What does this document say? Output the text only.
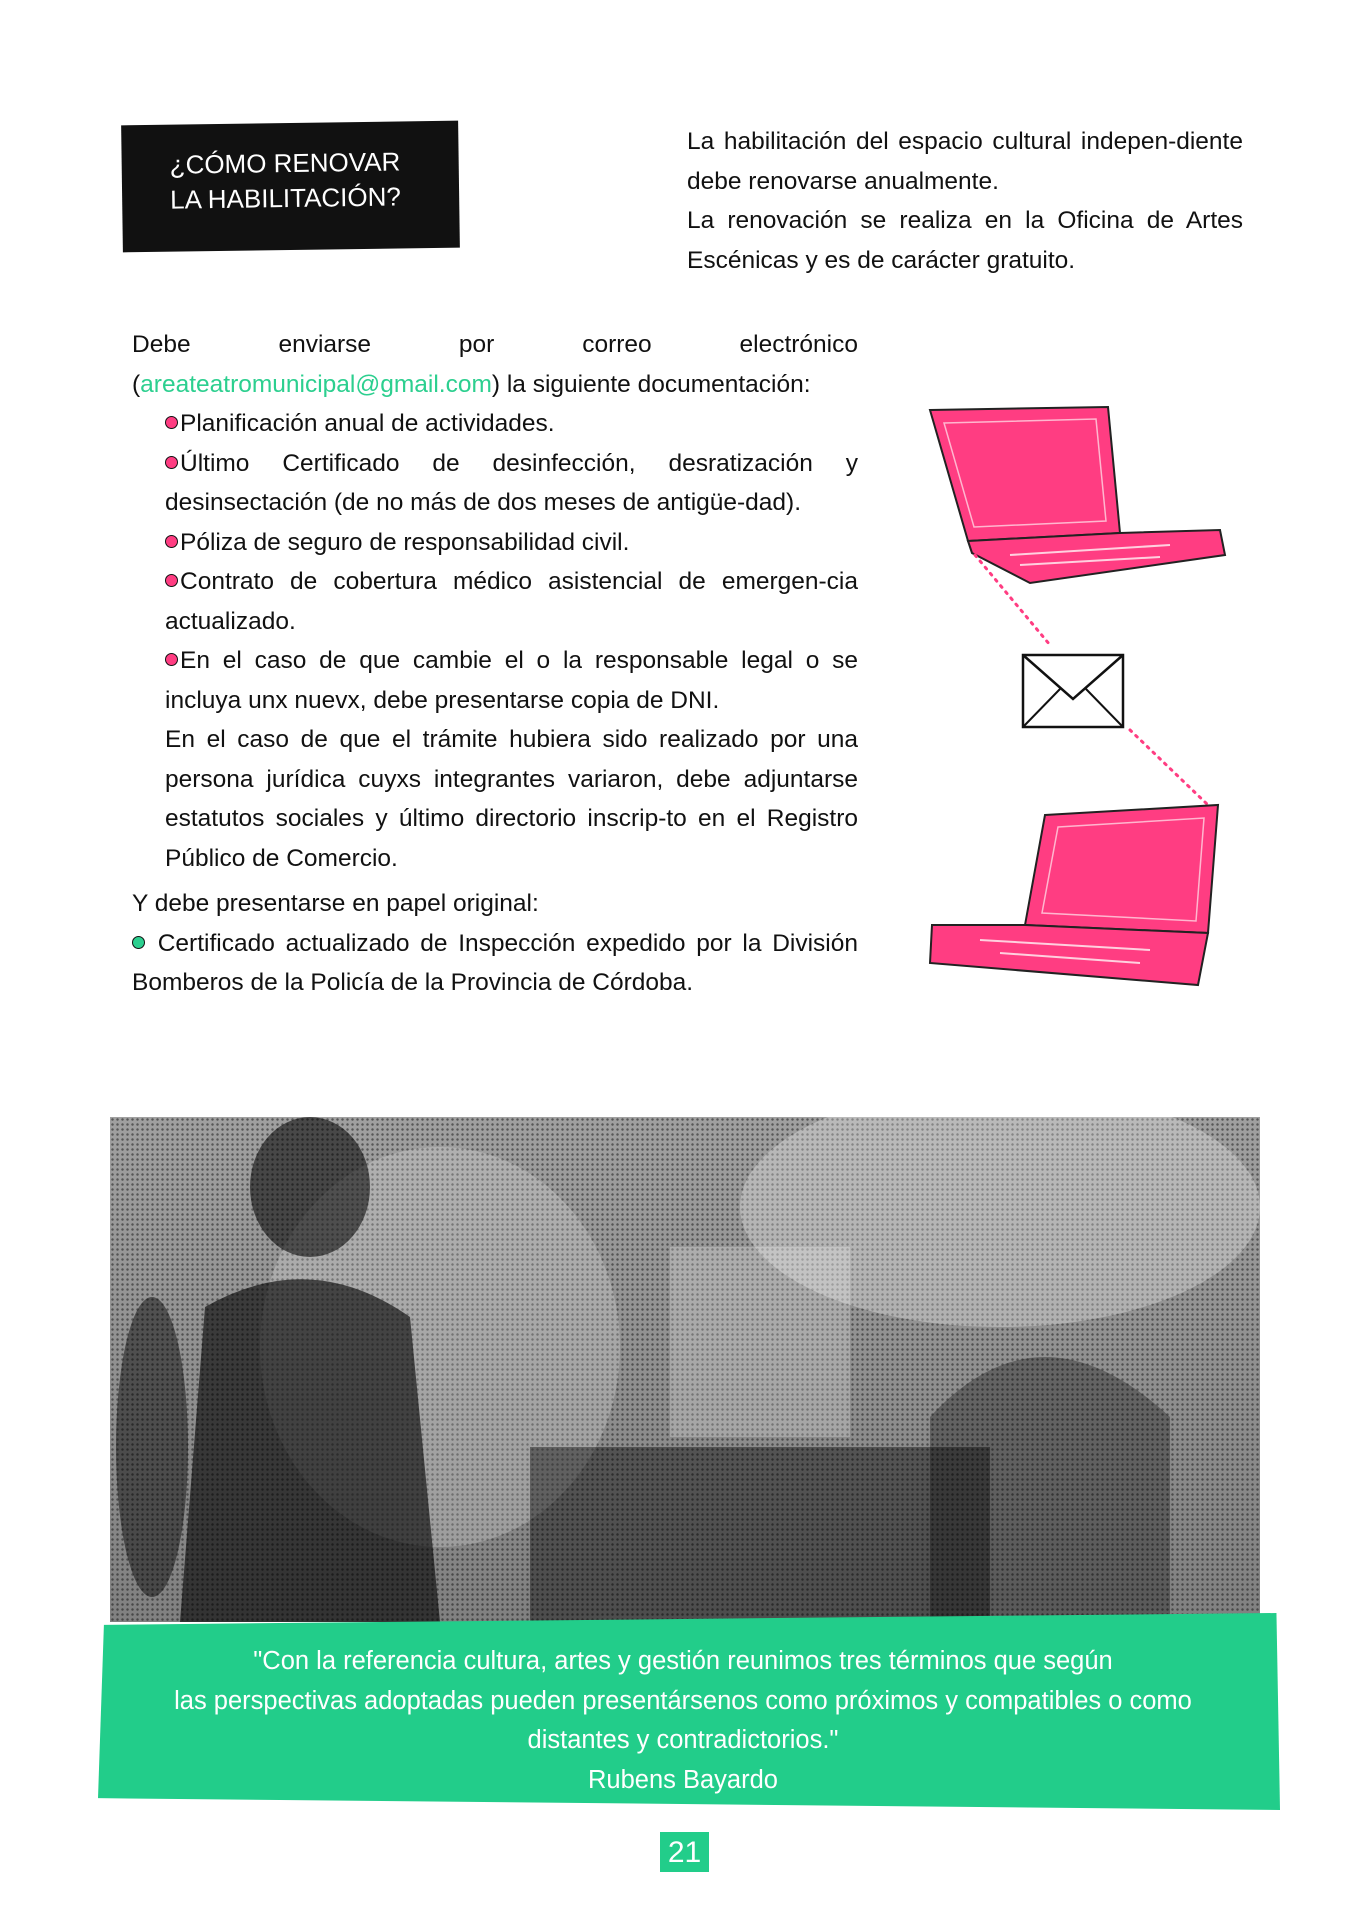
¿CÓMO RENOVAR
LA HABILITACIÓN?

La habilitación del espacio cultural indepen-diente debe renovarse anualmente.

La renovación se realiza en la Oficina de Artes Escénicas y es de carácter gratuito.

Debe enviarse por correo electrónico (areateatromunicipal@gmail.com) la siguiente documentación:

Planificación anual de actividades.
Último Certificado de desinfección, desratización y desinsectación (de no más de dos meses de antigüe-dad).
Póliza de seguro de responsabilidad civil.
Contrato de cobertura médico asistencial de emergen-cia actualizado.
En el caso de que cambie el o la responsable legal o se incluya unx nuevx, debe presentarse copia de DNI.

En el caso de que el trámite hubiera sido realizado por una persona jurídica cuyxs integrantes variaron, debe adjuntarse estatutos sociales y último directorio inscrip-to en el Registro Público de Comercio.

Y debe presentarse en papel original:

Certificado actualizado de Inspección expedido por la División Bomberos de la Policía de la Provincia de Córdoba.

"Con la referencia cultura, artes y gestión reunimos tres términos que según

las perspectivas adoptadas pueden presentársenos como próximos y compatibles o como

distantes y contradictorios."

Rubens Bayardo

21
